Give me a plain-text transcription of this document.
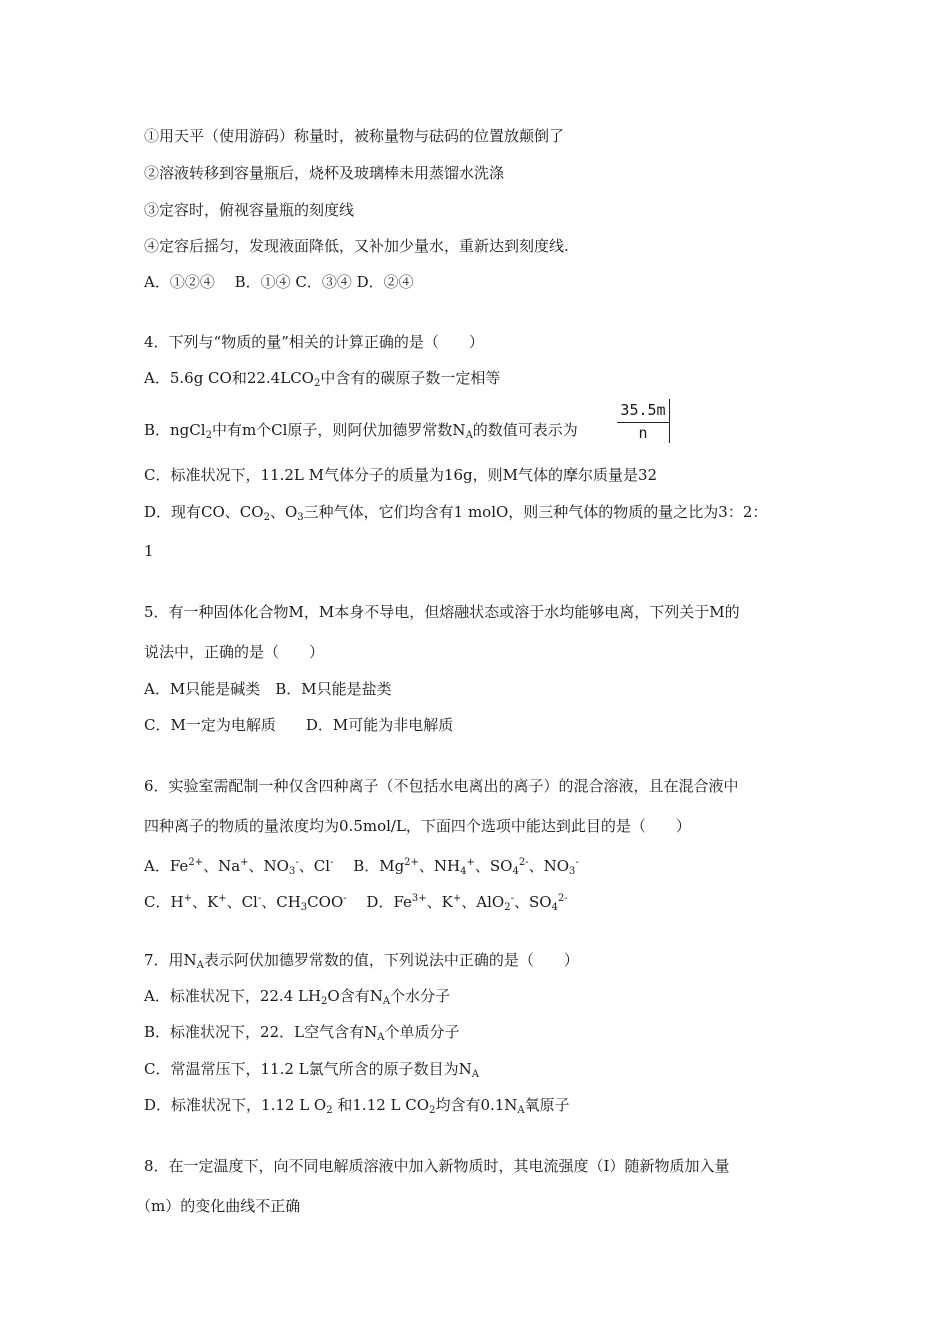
①用天平（使用游码）称量时，被称量物与砝码的位置放颠倒了
②溶液转移到容量瓶后，烧杯及玻璃棒未用蒸馏水洗涤
③定容时，俯视容量瓶的刻度线
④定容后摇匀，发现液面降低，又补加少量水，重新达到刻度线.
A．①②④　 B．①④ C．③④ D．②④
4．下列与“物质的量”相关的计算正确的是（　　）
A．5.6g CO和$22.4LCO_2$中含有的碳原子数一定相等
B．ngCl$_2$中有m个Cl原子，则阿伏加德罗常数$N_A$的数值可表示为
35.5m
n
C．标准状况下，11.2L M气体分子的质量为16g，则M气体的摩尔质量是32
D．现有CO、$CO_2$、$O_3$三种气体，它们均含有1 molO，则三种气体的物质的量之比为3：2：
1
5．有一种固体化合物M，M本身不导电，但熔融状态或溶于水均能够电离，下列关于M的
说法中，正确的是（　　）
A．M只能是碱类　B．M只能是盐类
C．M一定为电解质　　D．M可能为非电解质
6．实验室需配制一种仅含四种离子（不包括水电离出的离子）的混合溶液，且在混合液中
四种离子的物质的量浓度均为0.5mol/L，下面四个选项中能达到此目的是（　　）
A．$Fe^{2+}$、Na+、$NO_3^-$、Cl- 　B．$Mg^{2+}$、$NH_4^+$、$SO_4^{2-}$、$NO_3^-$
C．H+、K+、Cl-、$CH_3COO^-$ 　D．$Fe^{3+}$、K+、AlO$_2$-、$SO_4^{2-}$
7．用$N_A$表示阿伏加德罗常数的值，下列说法中正确的是（　　）
A．标准状况下，22.4 $LH_2O$含有$N_A$个水分子
B．标准状况下，22．L空气含有$N_A$个单质分子
C．常温常压下，11.2 L氯气所含的原子数目为$N_A$
D．标准状况下，1.12 L $O_2$ 和1.12 L $CO_2$均含有$0.1N_A$氧原子
8．在一定温度下，向不同电解质溶液中加入新物质时，其电流强度（I）随新物质加入量
（m）的变化曲线不正确
